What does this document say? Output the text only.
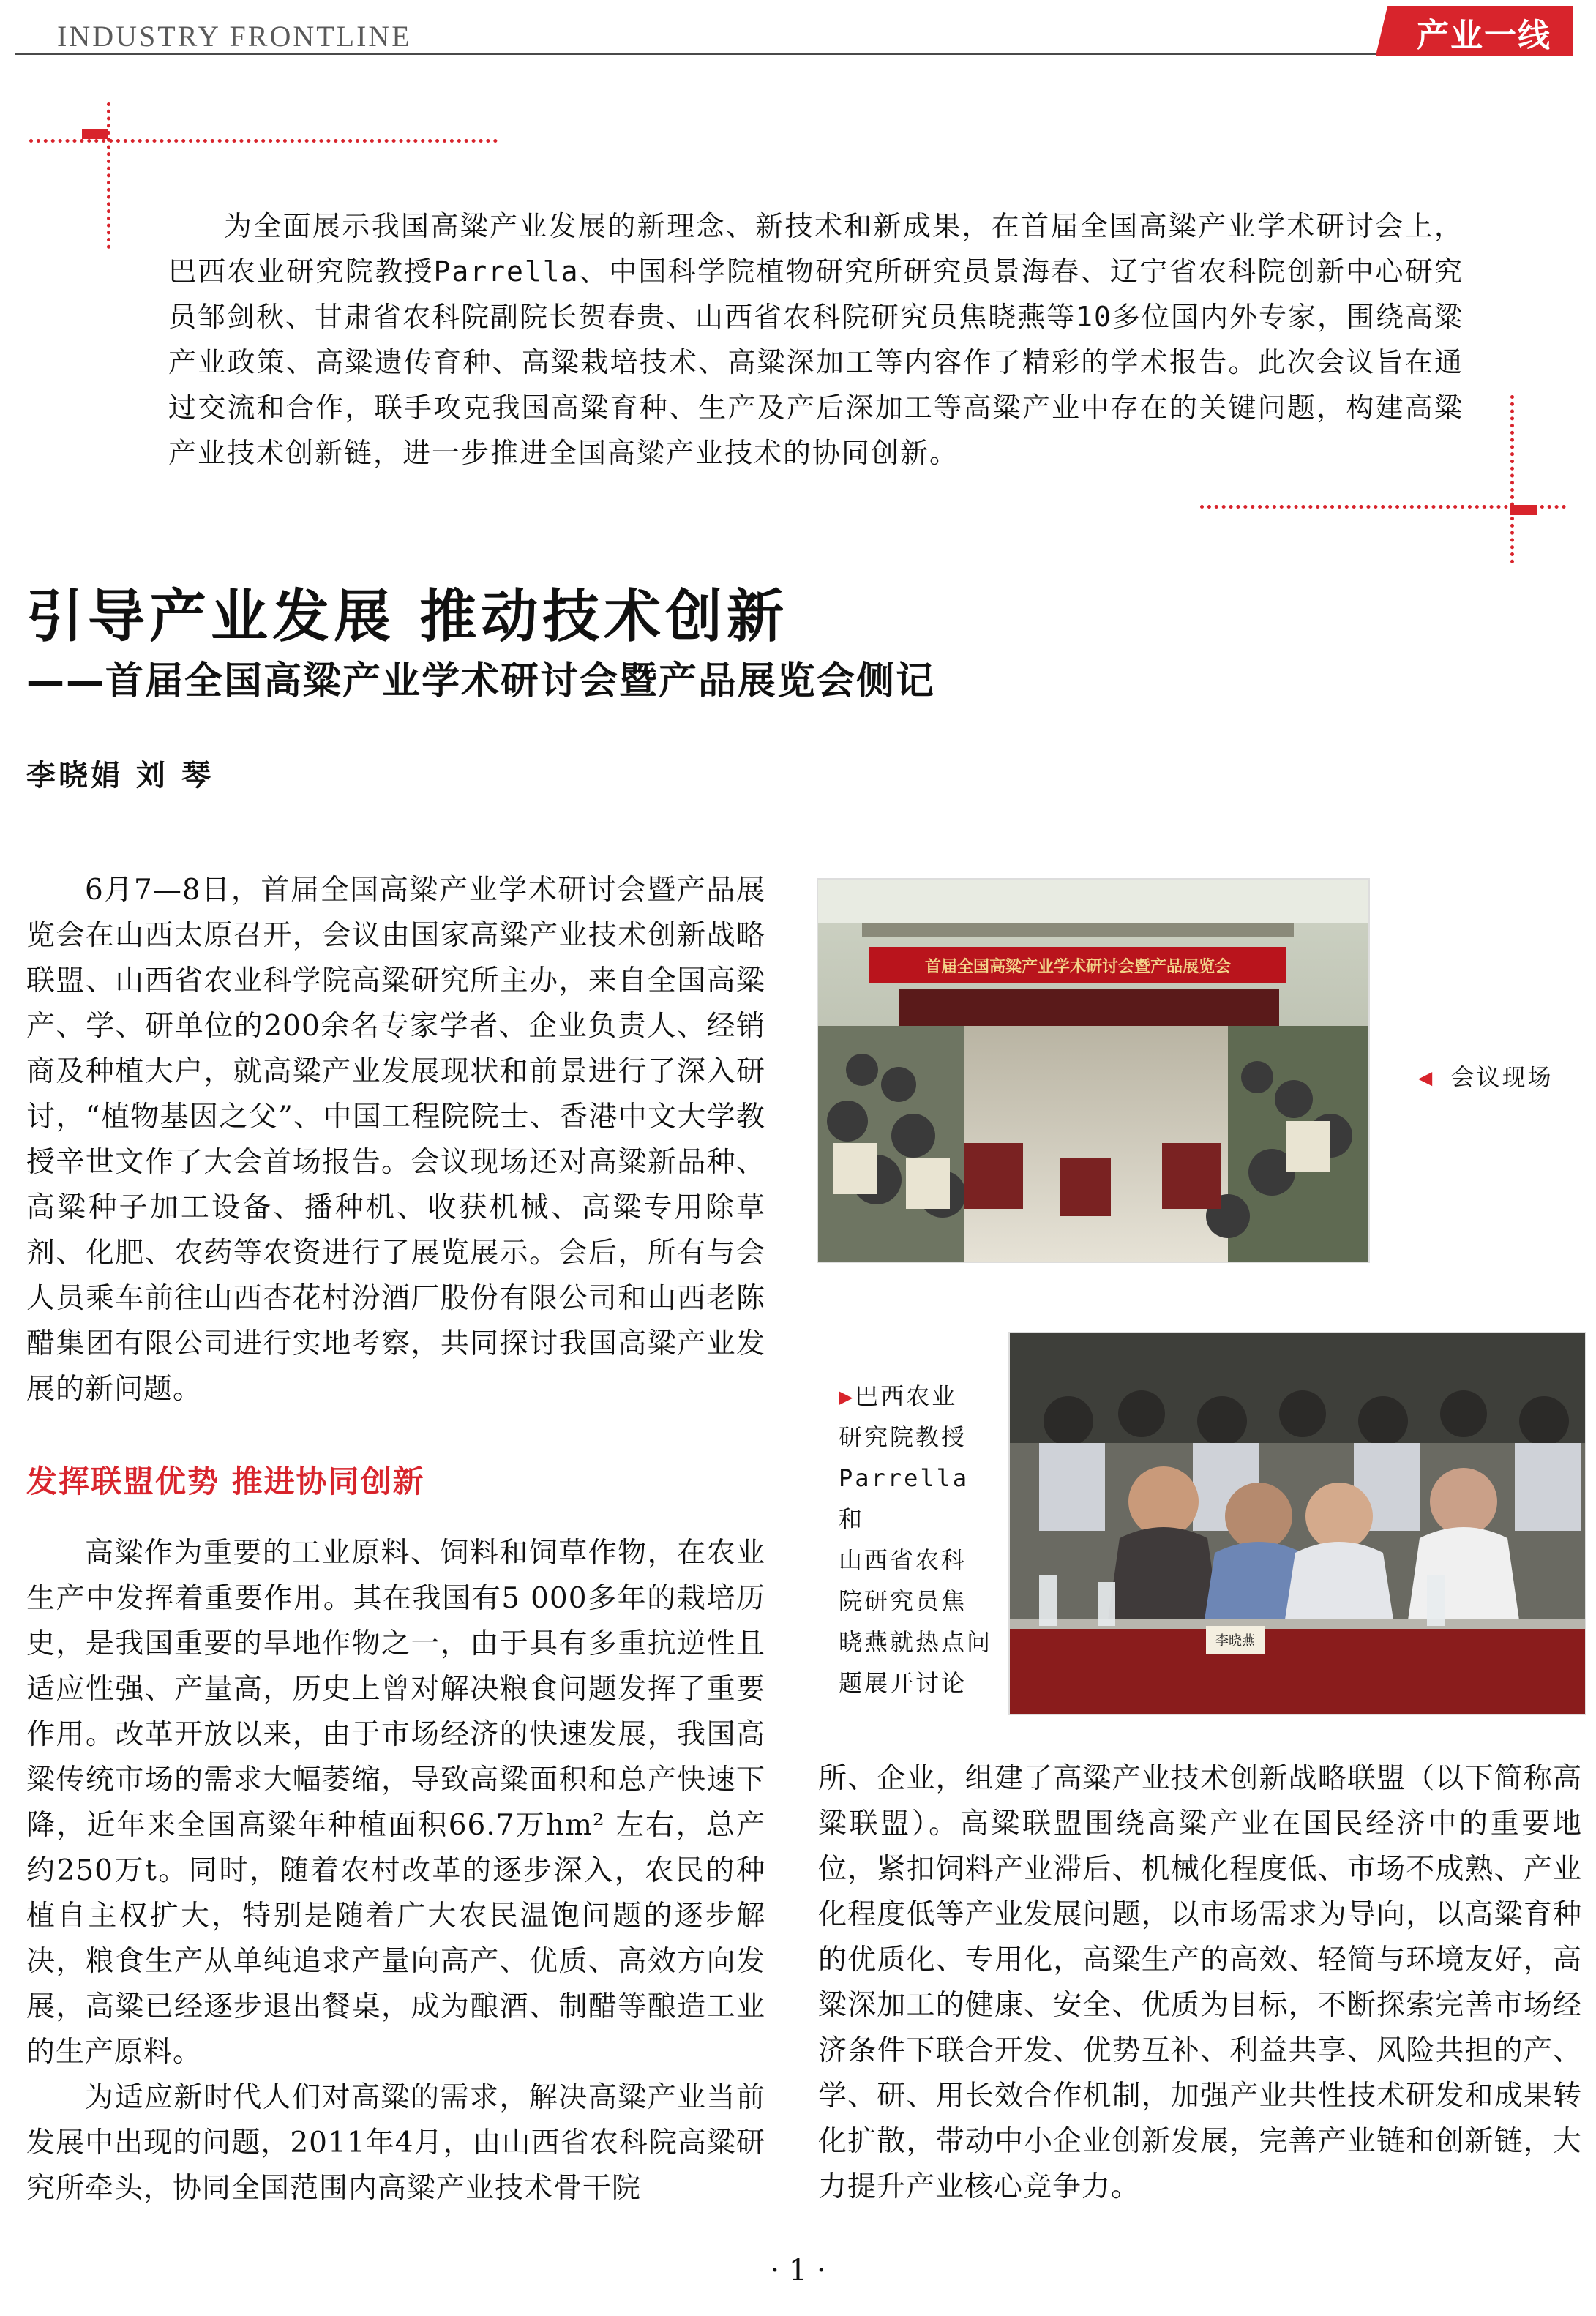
INDUSTRY FRONTLINE	产业一线
为全面展示我国高粱产业发展的新理念、新技术和新成果，在首届全国高粱产业学术研讨会上，巴西农业研究院教授Parrella、中国科学院植物研究所研究员景海春、辽宁省农科院创新中心研究员邹剑秋、甘肃省农科院副院长贺春贵、山西省农科院研究员焦晓燕等10多位国内外专家，围绕高粱产业政策、高粱遗传育种、高粱栽培技术、高粱深加工等内容作了精彩的学术报告。此次会议旨在通过交流和合作，联手攻克我国高粱育种、生产及产后深加工等高粱产业中存在的关键问题，构建高粱产业技术创新链，进一步推进全国高粱产业技术的协同创新。
引导产业发展 推动技术创新
——首届全国高粱产业学术研讨会暨产品展览会侧记
李晓娟 刘 琴

6月7—8日，首届全国高粱产业学术研讨会暨产品展览会在山西太原召开，会议由国家高粱产业技术创新战略联盟、山西省农业科学院高粱研究所主办，来自全国高粱产、学、研单位的200余名专家学者、企业负责人、经销商及种植大户，就高粱产业发展现状和前景进行了深入研讨，“植物基因之父”、中国工程院院士、香港中文大学教授辛世文作了大会首场报告。会议现场还对高粱新品种、高粱种子加工设备、播种机、收获机械、高粱专用除草剂、化肥、农药等农资进行了展览展示。会后，所有与会人员乘车前往山西杏花村汾酒厂股份有限公司和山西老陈醋集团有限公司进行实地考察，共同探讨我国高粱产业发展的新问题。

发挥联盟优势 推进协同创新

高粱作为重要的工业原料、饲料和饲草作物，在农业生产中发挥着重要作用。其在我国有5 000多年的栽培历史，是我国重要的旱地作物之一，由于具有多重抗逆性且适应性强、产量高，历史上曾对解决粮食问题发挥了重要作用。改革开放以来，由于市场经济的快速发展，我国高粱传统市场的需求大幅萎缩，导致高粱面积和总产快速下降，近年来全国高粱年种植面积66.7万hm² 左右，总产约250万t。同时，随着农村改革的逐步深入，农民的种植自主权扩大，特别是随着广大农民温饱问题的逐步解决，粮食生产从单纯追求产量向高产、优质、高效方向发展，高粱已经逐步退出餐桌，成为酿酒、制醋等酿造工业的生产原料。

为适应新时代人们对高粱的需求，解决高粱产业当前发展中出现的问题，2011年4月，由山西省农科院高粱研究所牵头，协同全国范围内高粱产业技术骨干院

所、企业，组建了高粱产业技术创新战略联盟（以下简称高粱联盟）。高粱联盟围绕高粱产业在国民经济中的重要地位，紧扣饲料产业滞后、机械化程度低、市场不成熟、产业化程度低等产业发展问题，以市场需求为导向，以高粱育种的优质化、专用化，高粱生产的高效、轻简与环境友好，高粱深加工的健康、安全、优质为目标，不断探索完善市场经济条件下联合开发、优势互补、利益共享、风险共担的产、学、研、用长效合作机制，加强产业共性技术研发和成果转化扩散，带动中小企业创新发展，完善产业链和创新链，大力提升产业核心竞争力。

首届全国高粱产业学术研讨会暨产品展览会
◀ 会议现场
李晓燕
▶巴西农业
研究院教授
Parrella 和
山西省农科
院研究员焦
晓燕就热点问
题展开讨论
· 1 ·
